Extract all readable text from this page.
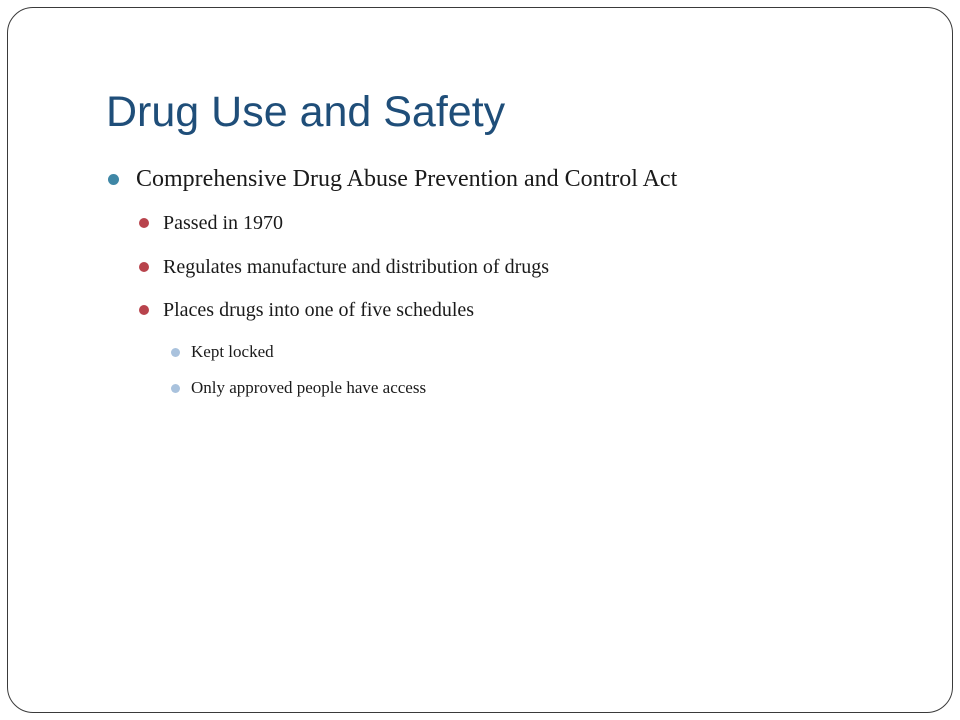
Drug Use and Safety
Comprehensive Drug Abuse Prevention and Control Act
Passed in 1970
Regulates manufacture and distribution of drugs
Places drugs into one of five schedules
Kept locked
Only approved people have access
